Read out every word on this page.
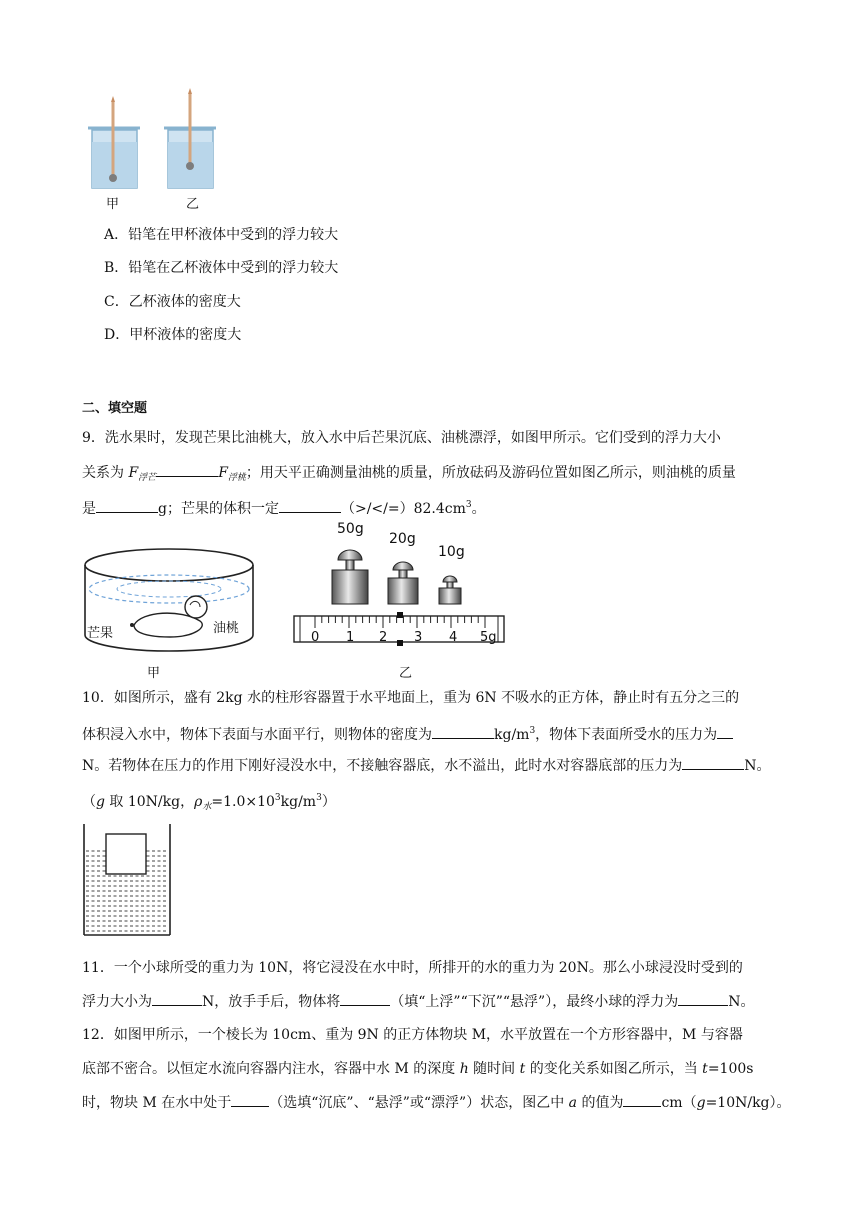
甲	乙
A．铅笔在甲杯液体中受到的浮力较大
B．铅笔在乙杯液体中受到的浮力较大
C．乙杯液体的密度大
D．甲杯液体的密度大
二、填空题
9．洗水果时，发现芒果比油桃大，放入水中后芒果沉底、油桃漂浮，如图甲所示。它们受到的浮力大小
关系为 $F_{浮芒}$	$F_{浮桃}$；用天平正确测量油桃的质量，所放砝码及游码位置如图乙所示，则油桃的质量
是	g；芒果的体积一定	$(>/</=)82.4cm^3$。
芒果	油桃
甲
50g
20g
10g
0 1 2 3 4 5g
乙
10．如图所示，盛有 2kg 水的柱形容器置于水平地面上，重为 6N 不吸水的正方体，静止时有五分之三的
体积浸入水中，物体下表面与水面平行，则物体的密度为	$kg/m^3$，物体下表面所受水的压力为
N。若物体在压力的作用下刚好浸没水中，不接触容器底，水不溢出，此时水对容器底部的压力为	N。
（g 取 10N/kg，$\rho_水=1.0\times 10^3kg/m^3$）
11．一个小球所受的重力为 10N，将它浸没在水中时，所排开的水的重力为 20N。那么小球浸没时受到的
浮力大小为	N，放手手后，物体将	（填“上浮”“下沉”“悬浮”），最终小球的浮力为	N。
12．如图甲所示，一个棱长为 10cm、重为 9N 的正方体物块 M，水平放置在一个方形容器中，M 与容器
底部不密合。以恒定水流向容器内注水，容器中水 M 的深度 h 随时间 t 的变化关系如图乙所示，当 t=100s
时，物块 M 在水中处于	（选填“沉底”、“悬浮”或“漂浮”）状态，图乙中 a 的值为	cm（g=10N/kg）。
